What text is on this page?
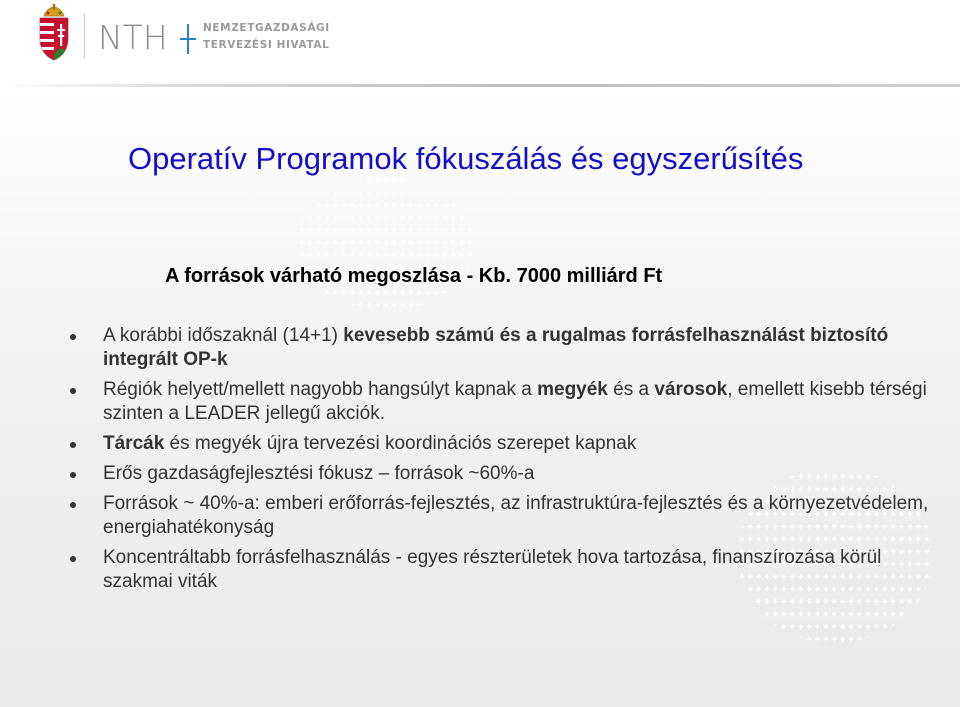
NTH	NEMZETGAZDASÁGI
TERVEZÉSI HIVATAL
Operatív Programok fókuszálás és egyszerűsítés
A források várható megoszlása - Kb. 7000 milliárd Ft
A korábbi időszaknál (14+1) kevesebb számú és a rugalmas forrásfelhasználást biztosító integrált OP-k
Régiók helyett/mellett nagyobb hangsúlyt kapnak a megyék és a városok, emellett kisebb térségi szinten a LEADER jellegű akciók.
Tárcák és megyék újra tervezési koordinációs szerepet kapnak
Erős gazdaságfejlesztési fókusz – források ~60%-a
Források ~ 40%-a: emberi erőforrás-fejlesztés, az infrastruktúra-fejlesztés és a környezetvédelem, energiahatékonyság
Koncentráltabb forrásfelhasználás - egyes részterületek hova tartozása, finanszírozása körül szakmai viták
